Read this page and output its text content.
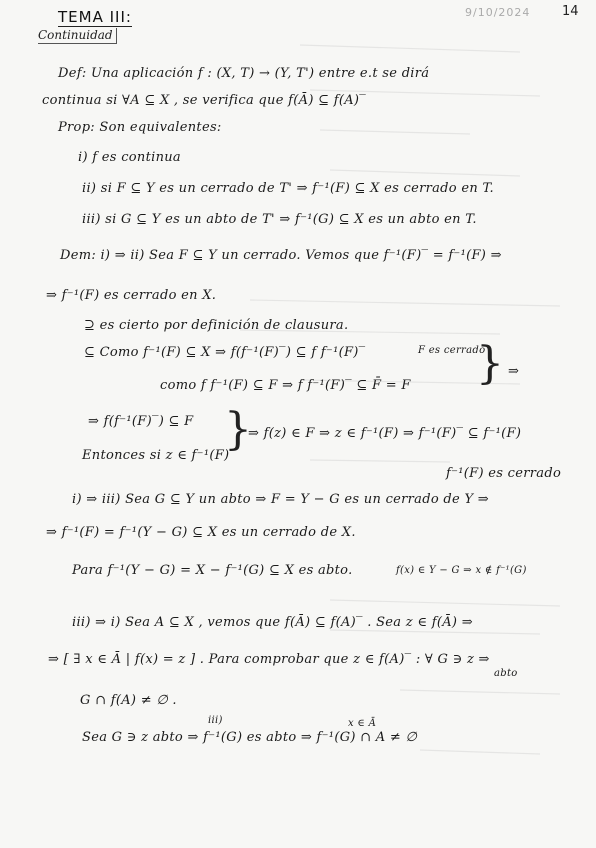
TEMA III:
Continuidad
9/10/2024 14
Def: Una aplicación f : (X, T) → (Y, T') entre e.t se dirá
continua si ∀A ⊆ X , se verifica que f(Ā) ⊆ f(A)‾
Prop: Son equivalentes:
i) f es continua
ii) si F ⊆ Y es un cerrado de T' ⇒ f⁻¹(F) ⊆ X es cerrado en T.
iii) si G ⊆ Y es un abto de T' ⇒ f⁻¹(G) ⊆ X es un abto en T.
Dem: i) ⇒ ii) Sea F ⊆ Y un cerrado. Vemos que f⁻¹(F)‾ = f⁻¹(F) ⇒
⇒ f⁻¹(F) es cerrado en X.
⊇ es cierto por definición de clausura.
⊆ Como f⁻¹(F) ⊆ X ⇒ f(f⁻¹(F)‾) ⊆ f f⁻¹(F)‾	F es cerrado
como f f⁻¹(F) ⊆ F ⇒ f f⁻¹(F)‾ ⊆ F̄ = F } ⇒
⇒ f(f⁻¹(F)‾) ⊆ F }
⇒ f(z) ∈ F ⇒ z ∈ f⁻¹(F) ⇒ f⁻¹(F)‾ ⊆ f⁻¹(F)
Entonces si z ∈ f⁻¹(F)‾
f⁻¹(F) es cerrado
i) ⇒ iii) Sea G ⊆ Y un abto ⇒ F = Y − G es un cerrado de Y ⇒
⇒ f⁻¹(F) = f⁻¹(Y − G) ⊆ X es un cerrado de X.
Para f⁻¹(Y − G) = X − f⁻¹(G) ⊆ X es abto.	f(x) ∈ Y − G ⇒ x ∉ f⁻¹(G)
iii) ⇒ i) Sea A ⊆ X , vemos que f(Ā) ⊆ f(A)‾ . Sea z ∈ f(Ā) ⇒
⇒ [ ∃ x ∈ Ā | f(x) = z ] . Para comprobar que z ∈ f(A)‾ : ∀ G ∋ z ⇒
abto
G ∩ f(A) ≠ ∅ .
iii)	x ∈ Ā
Sea G ∋ z abto ⇒ f⁻¹(G) es abto ⇒ f⁻¹(G) ∩ A ≠ ∅
